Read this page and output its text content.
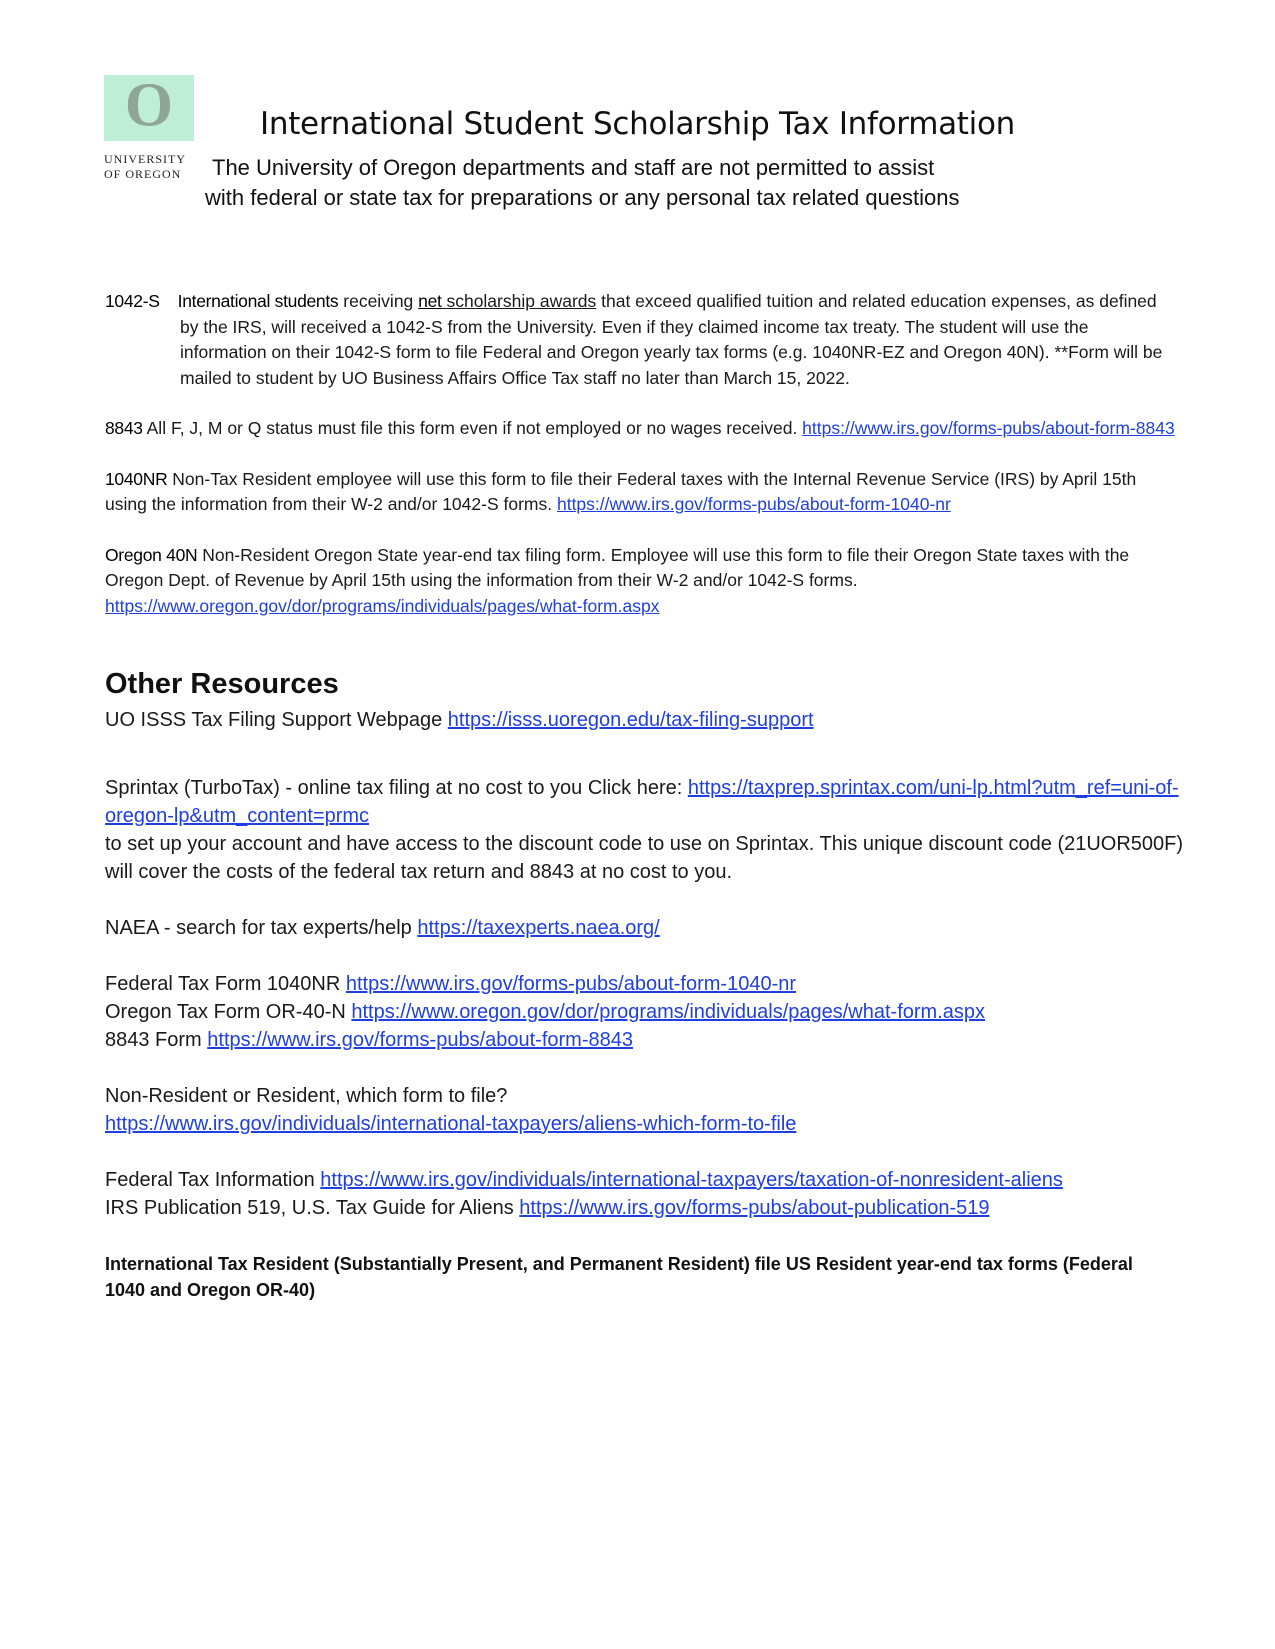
O
UNIVERSITY
OF OREGON
International Student Scholarship Tax Information
The University of Oregon departments and staff are not permitted to assist
with federal or state tax for preparations or any personal tax related questions

1042-S International students receiving net scholarship awards that exceed qualified tuition and related education expenses, as defined by the IRS, will received a 1042-S from the University. Even if they claimed income tax treaty. The student will use the information on their 1042-S form to file Federal and Oregon yearly tax forms (e.g. 1040NR-EZ and Oregon 40N). **Form will be mailed to student by UO Business Affairs Office Tax staff no later than March 15, 2022.

8843 All F, J, M or Q status must file this form even if not employed or no wages received. https://www.irs.gov/forms-pubs/about-form-8843

1040NR Non-Tax Resident employee will use this form to file their Federal taxes with the Internal Revenue Service (IRS) by April 15th using the information from their W-2 and/or 1042-S forms. https://www.irs.gov/forms-pubs/about-form-1040-nr

Oregon 40N Non-Resident Oregon State year-end tax filing form. Employee will use this form to file their Oregon State taxes with the Oregon Dept. of Revenue by April 15th using the information from their W-2 and/or 1042-S forms.
https://www.oregon.gov/dor/programs/individuals/pages/what-form.aspx

Other Resources

UO ISSS Tax Filing Support Webpage https://isss.uoregon.edu/tax-filing-support

Sprintax (TurboTax) - online tax filing at no cost to you Click here: https://taxprep.sprintax.com/uni-lp.html?utm_ref=uni-of-oregon-lp&utm_content=prmc
to set up your account and have access to the discount code to use on Sprintax. This unique discount code (21UOR500F) will cover the costs of the federal tax return and 8843 at no cost to you.

NAEA - search for tax experts/help https://taxexperts.naea.org/

Federal Tax Form 1040NR https://www.irs.gov/forms-pubs/about-form-1040-nr

Oregon Tax Form OR-40-N https://www.oregon.gov/dor/programs/individuals/pages/what-form.aspx

8843 Form https://www.irs.gov/forms-pubs/about-form-8843

Non-Resident or Resident, which form to file?
https://www.irs.gov/individuals/international-taxpayers/aliens-which-form-to-file

Federal Tax Information https://www.irs.gov/individuals/international-taxpayers/taxation-of-nonresident-aliens

IRS Publication 519, U.S. Tax Guide for Aliens https://www.irs.gov/forms-pubs/about-publication-519

International Tax Resident (Substantially Present, and Permanent Resident) file US Resident year-end tax forms (Federal 1040 and Oregon OR-40)
